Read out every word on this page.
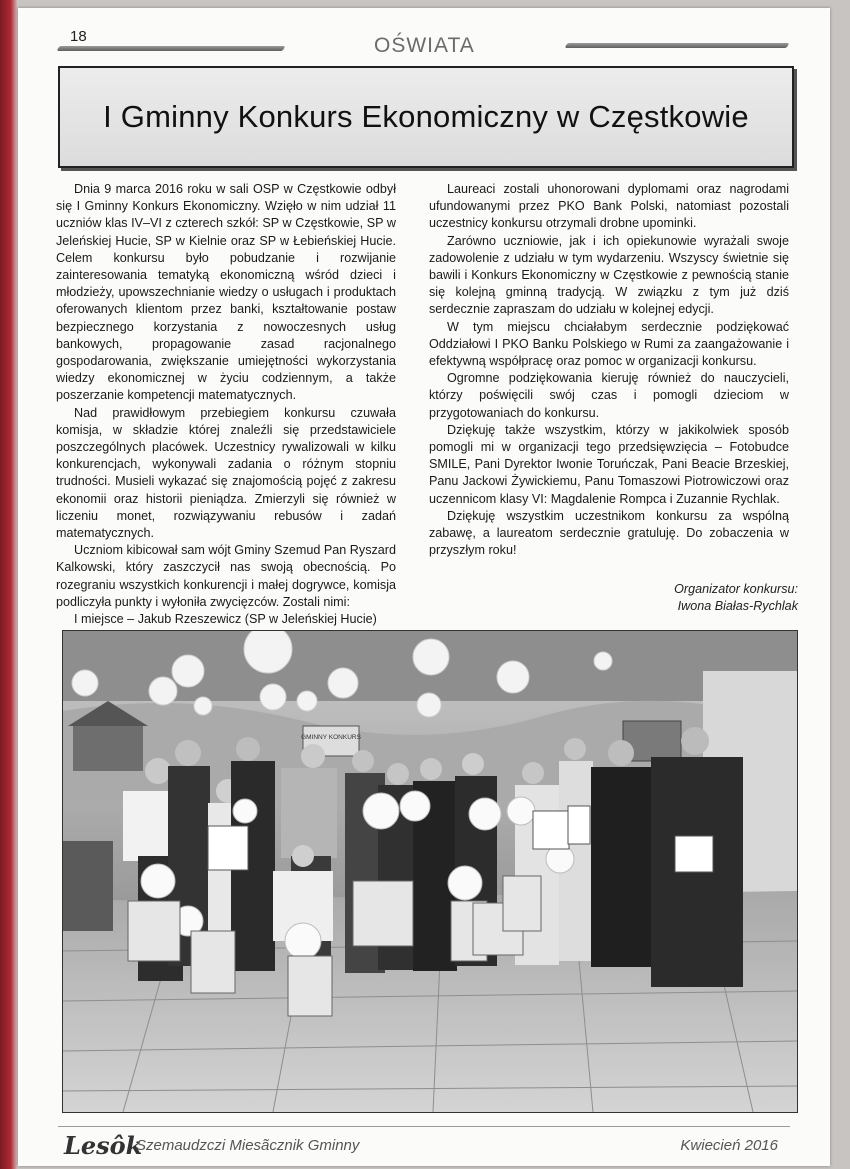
18	OŚWIATA
I Gminny Konkurs Ekonomiczny w Częstkowie

Dnia 9 marca 2016 roku w sali OSP w Częstkowie odbył się I Gminny Konkurs Ekonomiczny. Wzięło w nim udział 11 uczniów klas IV–VI z czterech szkół: SP w Częstkowie, SP w Jeleńskiej Hucie, SP w Kielnie oraz SP w Łebieńskiej Hucie. Celem konkursu było pobudzanie i rozwijanie zainteresowania tematyką ekonomiczną wśród dzieci i młodzieży, upowszechnianie wiedzy o usługach i produktach oferowanych klientom przez banki, kształtowanie postaw bezpiecznego korzystania z nowoczesnych usług bankowych, propagowanie zasad racjonalnego gospodarowania, zwiększanie umiejętności wykorzystania wiedzy ekonomicznej w życiu codziennym, a także poszerzanie kompetencji matematycznych.

Nad prawidłowym przebiegiem konkursu czuwała komisja, w składzie której znaleźli się przedstawiciele poszczególnych placówek. Uczestnicy rywalizowali w kilku konkurencjach, wykonywali zadania o różnym stopniu trudności. Musieli wykazać się znajomością pojęć z zakresu ekonomii oraz historii pieniądza. Zmierzyli się również w liczeniu monet, rozwiązywaniu rebusów i zadań matematycznych.

Uczniom kibicował sam wójt Gminy Szemud Pan Ryszard Kalkowski, który zaszczycił nas swoją obecnością. Po rozegraniu wszystkich konkurencji i małej dogrywce, komisja podliczyła punkty i wyłoniła zwycięzców. Zostali nimi:

I miejsce – Jakub Rzeszewicz (SP w Jeleńskiej Hucie)

Laureaci zostali uhonorowani dyplomami oraz nagrodami ufundowanymi przez PKO Bank Polski, natomiast pozostali uczestnicy konkursu otrzymali drobne upominki.

Zarówno uczniowie, jak i ich opiekunowie wyrażali swoje zadowolenie z udziału w tym wydarzeniu. Wszyscy świetnie się bawili i Konkurs Ekonomiczny w Częstkowie z pewnością stanie się kolejną gminną tradycją. W związku z tym już dziś serdecznie zapraszam do udziału w kolejnej edycji.

W tym miejscu chciałabym serdecznie podziękować Oddziałowi I PKO Banku Polskiego w Rumi za zaangażowanie i efektywną współpracę oraz pomoc w organizacji konkursu.

Ogromne podziękowania kieruję również do nauczycieli, którzy poświęcili swój czas i pomogli dzieciom w przygotowaniach do konkursu.

Dziękuję także wszystkim, którzy w jakikolwiek sposób pomogli mi w organizacji tego przedsięwzięcia – Fotobudce SMILE, Pani Dyrektor Iwonie Toruńczak, Pani Beacie Brzeskiej, Panu Jackowi Żywickiemu, Panu Tomaszowi Piotrowiczowi oraz uczennicom klasy VI: Magdalenie Rompca i Zuzannie Rychlak.

Dziękuję wszystkim uczestnikom konkursu za wspólną zabawę, a laureatom serdecznie gratuluję. Do zobaczenia w przyszłym roku!

Organizator konkursu:
Iwona Białas-Rychlak
GMINNY KONKURS
Lesôk
Szemaudzczi Miesãcznik Gminny	Kwiecień 2016
